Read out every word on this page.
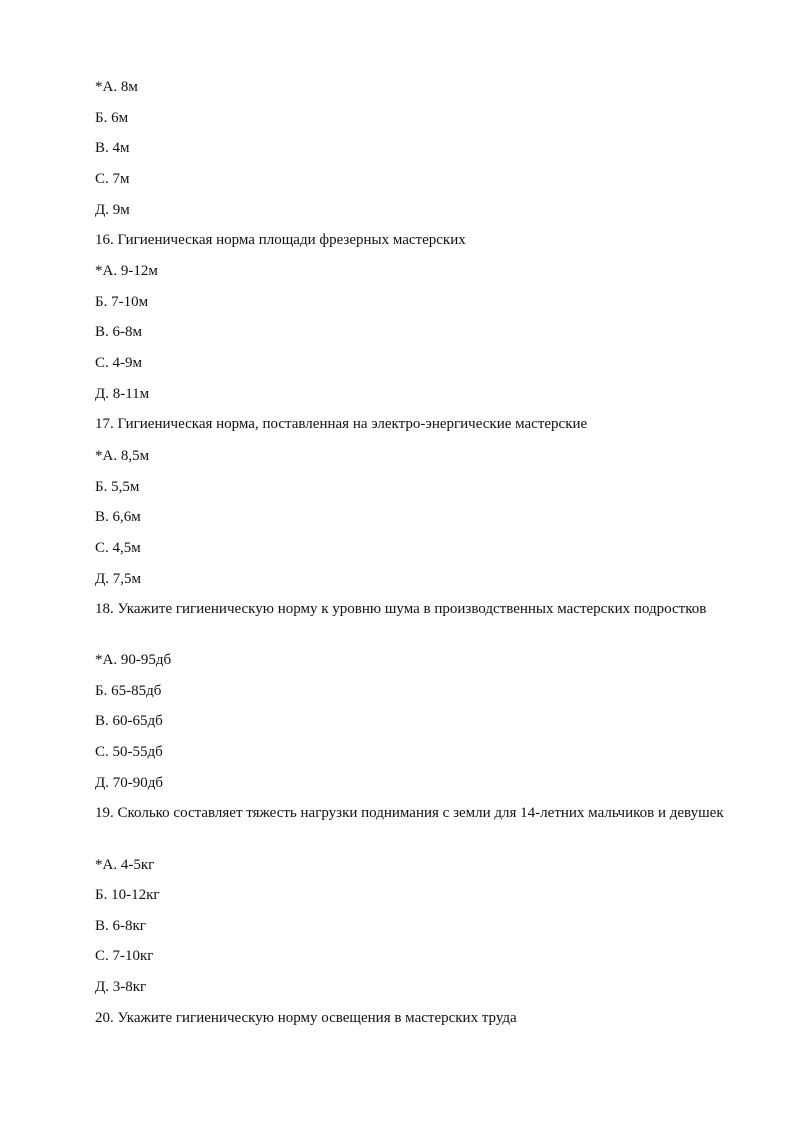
*А. 8м

Б. 6м

В. 4м

С. 7м

Д. 9м

16. Гигиеническая норма площади фрезерных мастерских

*А. 9-12м

Б. 7-10м

В. 6-8м

С. 4-9м

Д. 8-11м

17. Гигиеническая норма, поставленная на электро-энергические мастерские

*А. 8,5м

Б. 5,5м

В. 6,6м

С. 4,5м

Д. 7,5м

18. Укажите гигиеническую норму к уровню шума в производственных мастерских подростков

*А. 90-95дб

Б. 65-85дб

В. 60-65дб

С. 50-55дб

Д. 70-90дб

19. Сколько составляет тяжесть нагрузки поднимания с земли для 14-летних мальчиков и девушек

*А. 4-5кг

Б. 10-12кг

В. 6-8кг

С. 7-10кг

Д. 3-8кг

20. Укажите гигиеническую норму освещения в мастерских труда
